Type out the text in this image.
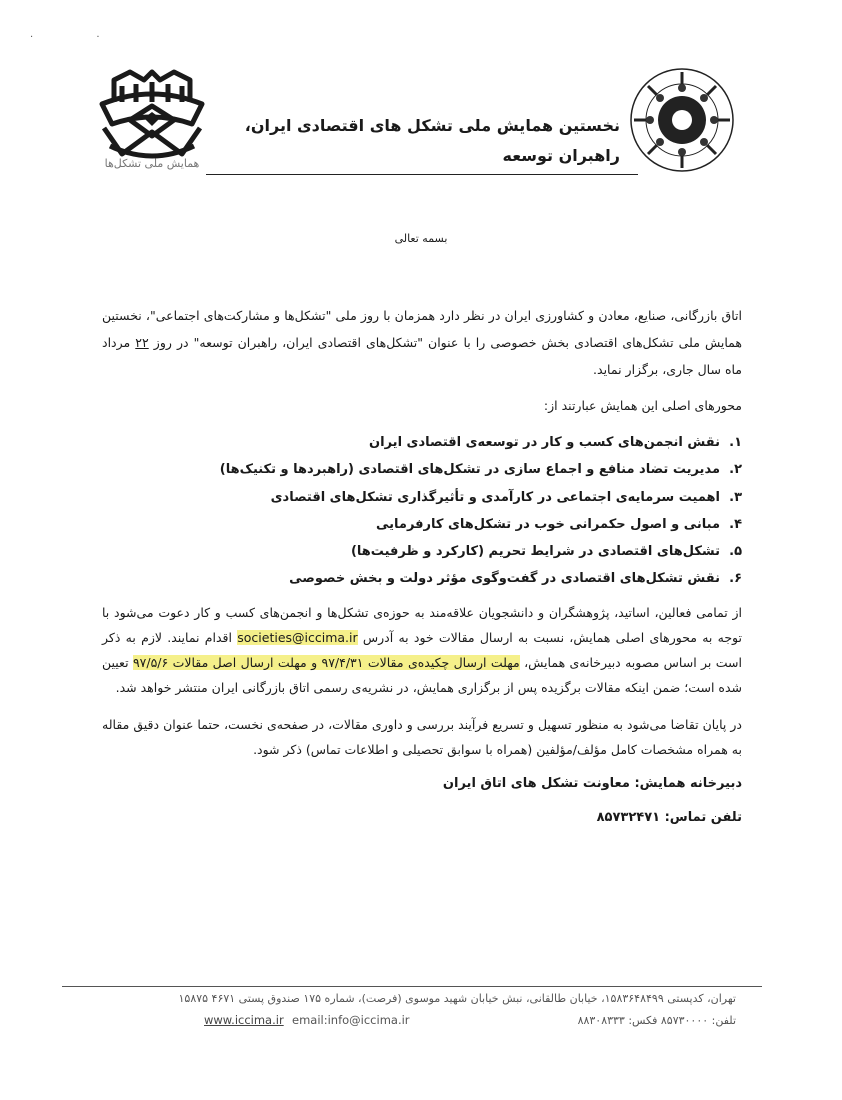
· ·
همایش ملی تشکل‌ها
نخستین همایش ملی تشکل های اقتصادی ایران،
راهبران توسعه
بسمه تعالی
اتاق بازرگانی، صنایع، معادن و کشاورزی ایران در نظر دارد همزمان با روز ملی "تشکل‌ها و مشارکت‌های اجتماعی"، نخستین همایش ملی تشکل‌های اقتصادی بخش خصوصی را با عنوان "تشکل‌های اقتصادی ایران، راهبران توسعه" در روز ۲۲ مرداد ماه سال جاری، برگزار نماید.
محورهای اصلی این همایش عبارتند از:
۱.نقش انجمن‌های کسب و کار در توسعه‌ی اقتصادی ایران
۲.مدیریت تضاد منافع و اجماع سازی در تشکل‌های اقتصادی (راهبردها و تکنیک‌ها)
۳.اهمیت سرمایه‌ی اجتماعی در کارآمدی و تأثیرگذاری تشکل‌های اقتصادی
۴.مبانی و اصول حکمرانی خوب در تشکل‌های کارفرمایی
۵.تشکل‌های اقتصادی در شرایط تحریم (کارکرد و ظرفیت‌ها)
۶.نقش تشکل‌های اقتصادی در گفت‌وگوی مؤثر دولت و بخش خصوصی
از تمامی فعالین، اساتید، پژوهشگران و دانشجویان علاقه‌مند به حوزه‌ی تشکل‌ها و انجمن‌های کسب و کار دعوت می‌شود با توجه به محورهای اصلی همایش، نسبت به ارسال مقالات خود به آدرس societies@iccima.ir اقدام نمایند. لازم به ذکر است بر اساس مصوبه دبیرخانه‌ی همایش، مهلت ارسال چکیده‌ی مقالات ۹۷/۴/۳۱ و مهلت ارسال اصل مقالات ۹۷/۵/۶ تعیین شده است؛ ضمن اینکه مقالات برگزیده پس از برگزاری همایش، در نشریه‌ی رسمی اتاق بازرگانی ایران منتشر خواهد شد.
در پایان تقاضا می‌شود به منظور تسهیل و تسریع فرآیند بررسی و داوری مقالات، در صفحه‌ی نخست، حتما عنوان دقیق مقاله به همراه مشخصات کامل مؤلف/مؤلفین (همراه با سوابق تحصیلی و اطلاعات تماس) ذکر شود.
دبیرخانه همایش: معاونت تشکل های اتاق ایران
تلفن تماس: ۸۵۷۳۲۴۷۱
تهران، کدپستی ۱۵۸۳۶۴۸۴۹۹، خیابان طالقانی، نبش خیابان شهید موسوی (فرصت)، شماره ۱۷۵ صندوق پستی ۴۶۷۱ ۱۵۸۷۵
تلفن: ۸۵۷۳۰۰۰۰ فکس: ۸۸۳۰۸۳۳۳
www.iccima.ir email:info@iccima.ir
